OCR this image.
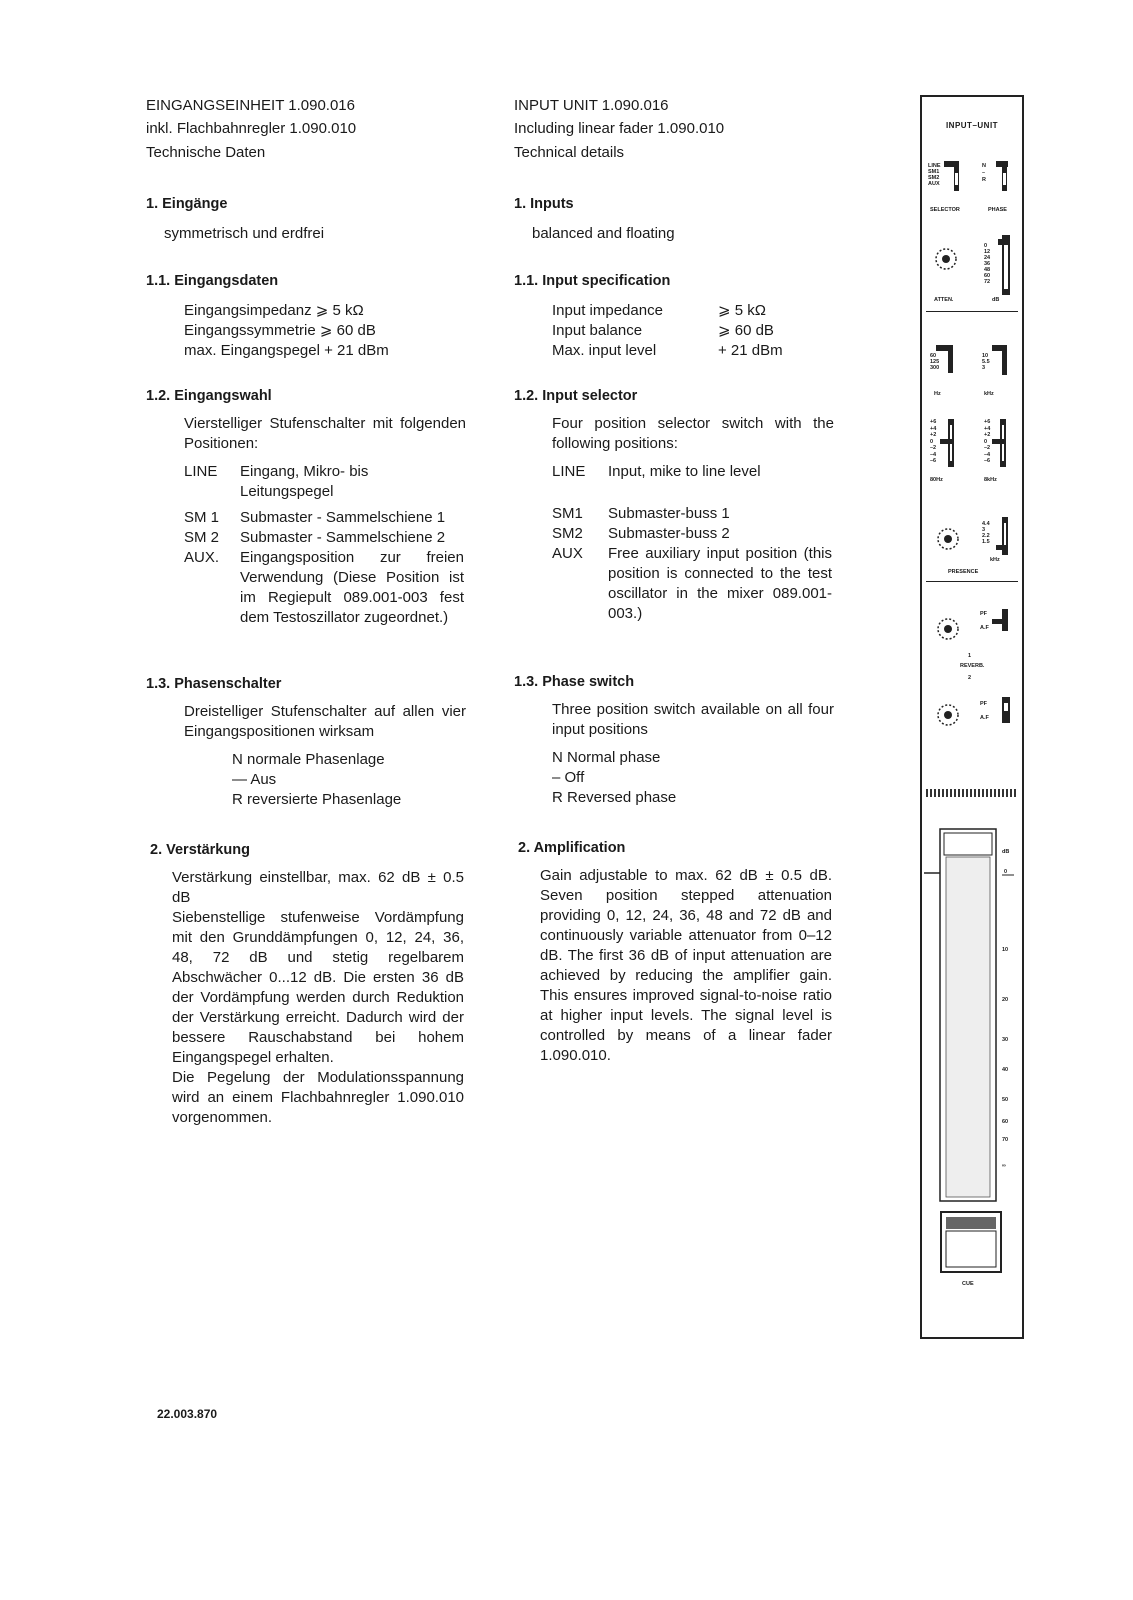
EINGANGSEINHEIT 1.090.016
inkl. Flachbahnregler 1.090.010
Technische Daten
1. Eingänge
symmetrisch und erdfrei
1.1. Eingangsdaten
Eingangsimpedanz ⩾ 5 kΩ
Eingangssymmetrie ⩾ 60 dB
max. Eingangspegel + 21 dBm
1.2. Eingangswahl
Vierstelliger Stufenschalter mit folgenden Positionen:
LINE	Eingang, Mikro- bis Leitungspegel
SM 1	Submaster - Sammelschiene 1
SM 2	Submaster - Sammelschiene 2
AUX.	Eingangsposition zur freien Verwendung (Diese Position ist im Regiepult 089.001-003 fest dem Testoszillator zugeordnet.)
1.3. Phasenschalter
Dreistelliger Stufenschalter auf allen vier Eingangspositionen wirksam
N normale Phasenlage
— Aus
R reversierte Phasenlage
2. Verstärkung
Verstärkung einstellbar, max. 62 dB ± 0.5 dB
Siebenstellige stufenweise Vordämpfung mit den Grunddämpfungen 0, 12, 24, 36, 48, 72 dB und stetig regelbarem Abschwächer 0...12 dB. Die ersten 36 dB der Vordämpfung werden durch Reduktion der Verstärkung erreicht. Dadurch wird der bessere Rauschabstand bei hohem Eingangspegel erhalten.
Die Pegelung der Modulationsspannung wird an einem Flachbahnregler 1.090.010 vorgenommen.
INPUT UNIT 1.090.016
Including linear fader 1.090.010
Technical details
1. Inputs
balanced and floating
1.1. Input specification
Input impedance	⩾ 5 kΩ
Input balance	⩾ 60 dB
Max. input level	+ 21 dBm
1.2. Input selector
Four position selector switch with the following positions:
LINE	Input, mike to line level
SM1	Submaster-buss 1
SM2	Submaster-buss 2
AUX	Free auxiliary input position (this position is connected to the test oscillator in the mixer 089.001-003.)
1.3. Phase switch
Three position switch available on all four input positions
N Normal phase
– Off
R Reversed phase
2. Amplification
Gain adjustable to max. 62 dB ± 0.5 dB. Seven position stepped attenuation providing 0, 12, 24, 36, 48 and 72 dB and continuously variable attenuator from 0–12 dB. The first 36 dB of input attenuation are achieved by reducing the amplifier gain. This ensures improved signal-to-noise ratio at higher input levels. The signal level is controlled by means of a linear fader 1.090.010.
22.003.870
INPUT–UNIT
LINE
SM1
SM2
AUX
N
–
R
SELECTOR	PHASE
0
12
24
36
48
60
72
ATTEN.	dB
60
125
300
10
5.5
3
Hz	kHz
+6
+4
+2
0
–2
–4
–6
+6
+4
+2
0
–2
–4
–6
80Hz	8kHz
4.4
3
2.2
1.5
kHz
PRESENCE
PF
A.F
1
REVERB.
2
PF
A.F
dB
0
10
20
30
40
50
60
70
∞
CUE
